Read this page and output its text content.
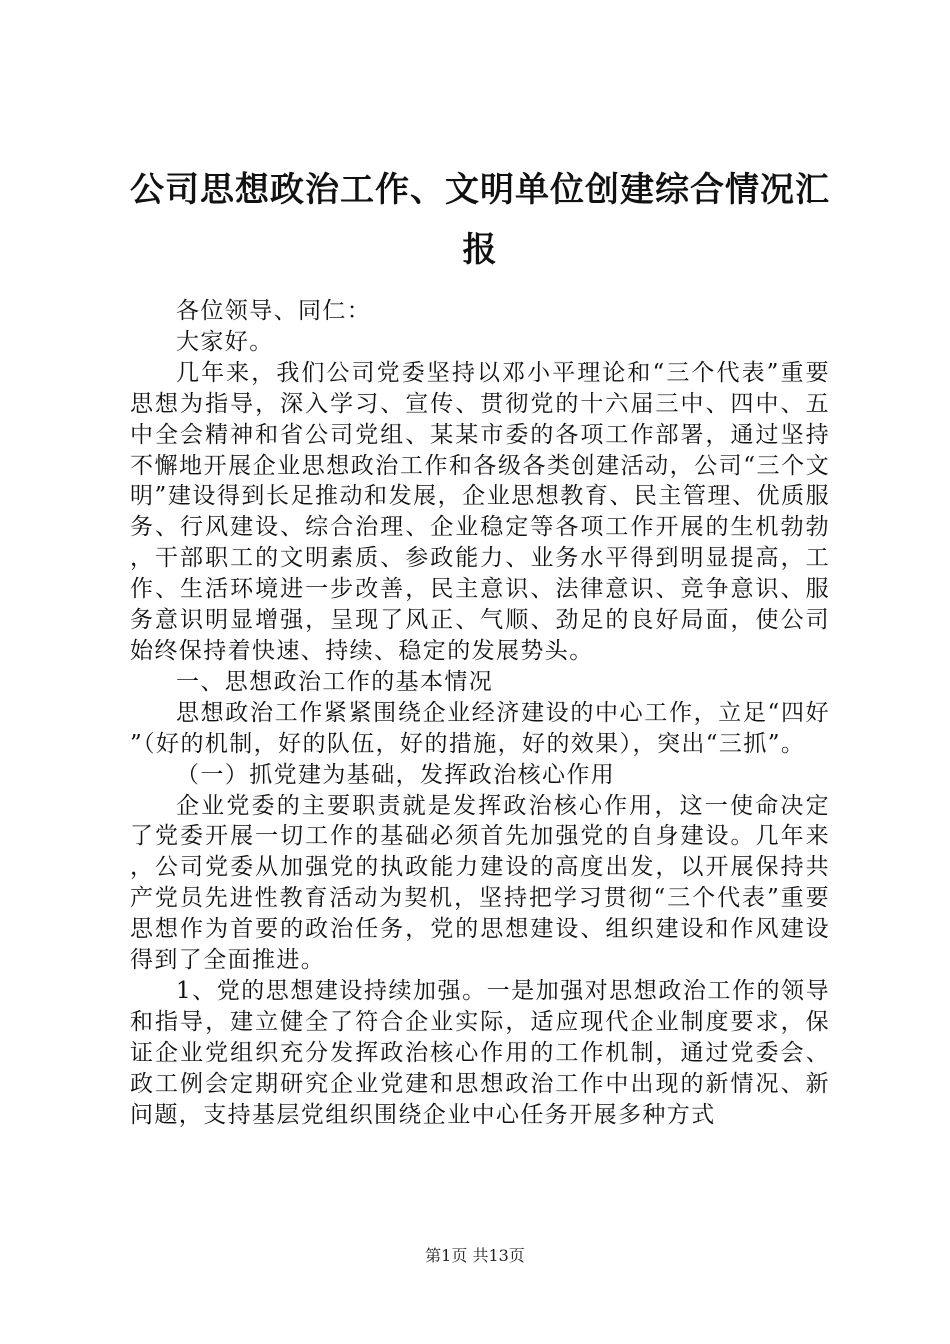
公司思想政治工作、文明单位创建综合情况汇报

各位领导、同仁：

大家好。

几年来，我们公司党委坚持以邓小平理论和“三个代表”重要思想为指导，深入学习、宣传、贯彻党的十六届三中、四中、五中全会精神和省公司党组、某某市委的各项工作部署，通过坚持不懈地开展企业思想政治工作和各级各类创建活动，公司“三个文明”建设得到长足推动和发展，企业思想教育、民主管理、优质服务、行风建设、综合治理、企业稳定等各项工作开展的生机勃勃，干部职工的文明素质、参政能力、业务水平得到明显提高，工作、生活环境进一步改善，民主意识、法律意识、竞争意识、服务意识明显增强，呈现了风正、气顺、劲足的良好局面，使公司始终保持着快速、持续、稳定的发展势头。

一、思想政治工作的基本情况

思想政治工作紧紧围绕企业经济建设的中心工作，立足“四好”（好的机制，好的队伍，好的措施，好的效果），突出“三抓”。

（一）抓党建为基础，发挥政治核心作用

企业党委的主要职责就是发挥政治核心作用，这一使命决定了党委开展一切工作的基础必须首先加强党的自身建设。几年来，公司党委从加强党的执政能力建设的高度出发，以开展保持共产党员先进性教育活动为契机，坚持把学习贯彻“三个代表”重要思想作为首要的政治任务，党的思想建设、组织建设和作风建设得到了全面推进。

1、党的思想建设持续加强。一是加强对思想政治工作的领导和指导，建立健全了符合企业实际，适应现代企业制度要求，保证企业党组织充分发挥政治核心作用的工作机制，通过党委会、政工例会定期研究企业党建和思想政治工作中出现的新情况、新问题，支持基层党组织围绕企业中心任务开展多种方式

第1页 共13页
